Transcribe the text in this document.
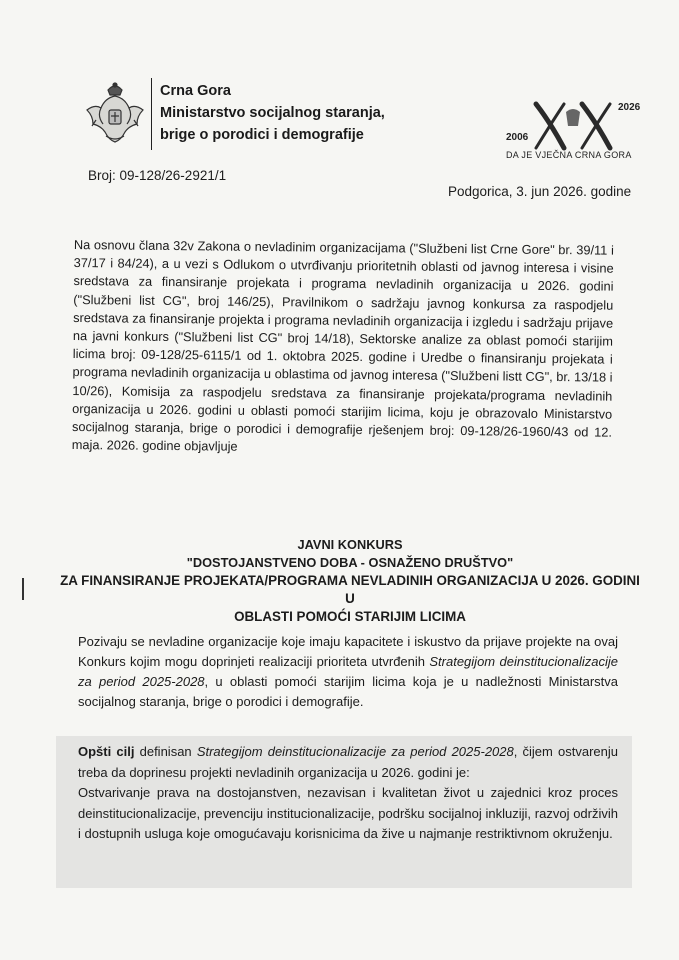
Crna Gora
Ministarstvo socijalnog staranja,
brige o porodici i demografije	2006
2026
DA JE VJEČNA CRNA GORA
Broj: 09-128/26-2921/1
Podgorica, 3. jun 2026. godine
Na osnovu člana 32v Zakona o nevladinim organizacijama ("Službeni list Crne Gore" br. 39/11 i 37/17 i 84/24), a u vezi s Odlukom o utvrđivanju prioritetnih oblasti od javnog interesa i visine sredstava za finansiranje projekata i programa nevladinih organizacija u 2026. godini ("Službeni list CG", broj 146/25), Pravilnikom o sadržaju javnog konkursa za raspodjelu sredstava za finansiranje projekta i programa nevladinih organizacija i izgledu i sadržaju prijave na javni konkurs ("Službeni list CG" broj 14/18), Sektorske analize za oblast pomoći starijim licima broj: 09-128/25-6115/1 od 1. oktobra 2025. godine i Uredbe o finansiranju projekata i programa nevladinih organizacija u oblastima od javnog interesa ("Službeni listt CG", br. 13/18 i 10/26), Komisija za raspodjelu sredstava za finansiranje projekata/programa nevladinih organizacija u 2026. godini u oblasti pomoći starijim licima, koju je obrazovalo Ministarstvo socijalnog staranja, brige o porodici i demografije rješenjem broj: 09-128/26-1960/43 od 12. maja. 2026. godine objavljuje
JAVNI KONKURS
"DOSTOJANSTVENO DOBA - OSNAŽENO DRUŠTVO"
ZA FINANSIRANJE PROJEKATA/PROGRAMA NEVLADINIH ORGANIZACIJA U 2026. GODINI U
OBLASTI POMOĆI STARIJIM LICIMA
Pozivaju se nevladine organizacije koje imaju kapacitete i iskustvo da prijave projekte na ovaj Konkurs kojim mogu doprinjeti realizaciji prioriteta utvrđenih Strategijom deinstitucionalizacije za period 2025-2028, u oblasti pomoći starijim licima koja je u nadležnosti Ministarstva socijalnog staranja, brige o porodici i demografije.
Opšti cilj definisan Strategijom deinstitucionalizacije za period 2025-2028, čijem ostvarenju treba da doprinesu projekti nevladinih organizacija u 2026. godini je:
Ostvarivanje prava na dostojanstven, nezavisan i kvalitetan život u zajednici kroz proces deinstitucionalizacije, prevenciju institucionalizacije, podršku socijalnoj inkluziji, razvoj održivih i dostupnih usluga koje omogućavaju korisnicima da žive u najmanje restriktivnom okruženju.
